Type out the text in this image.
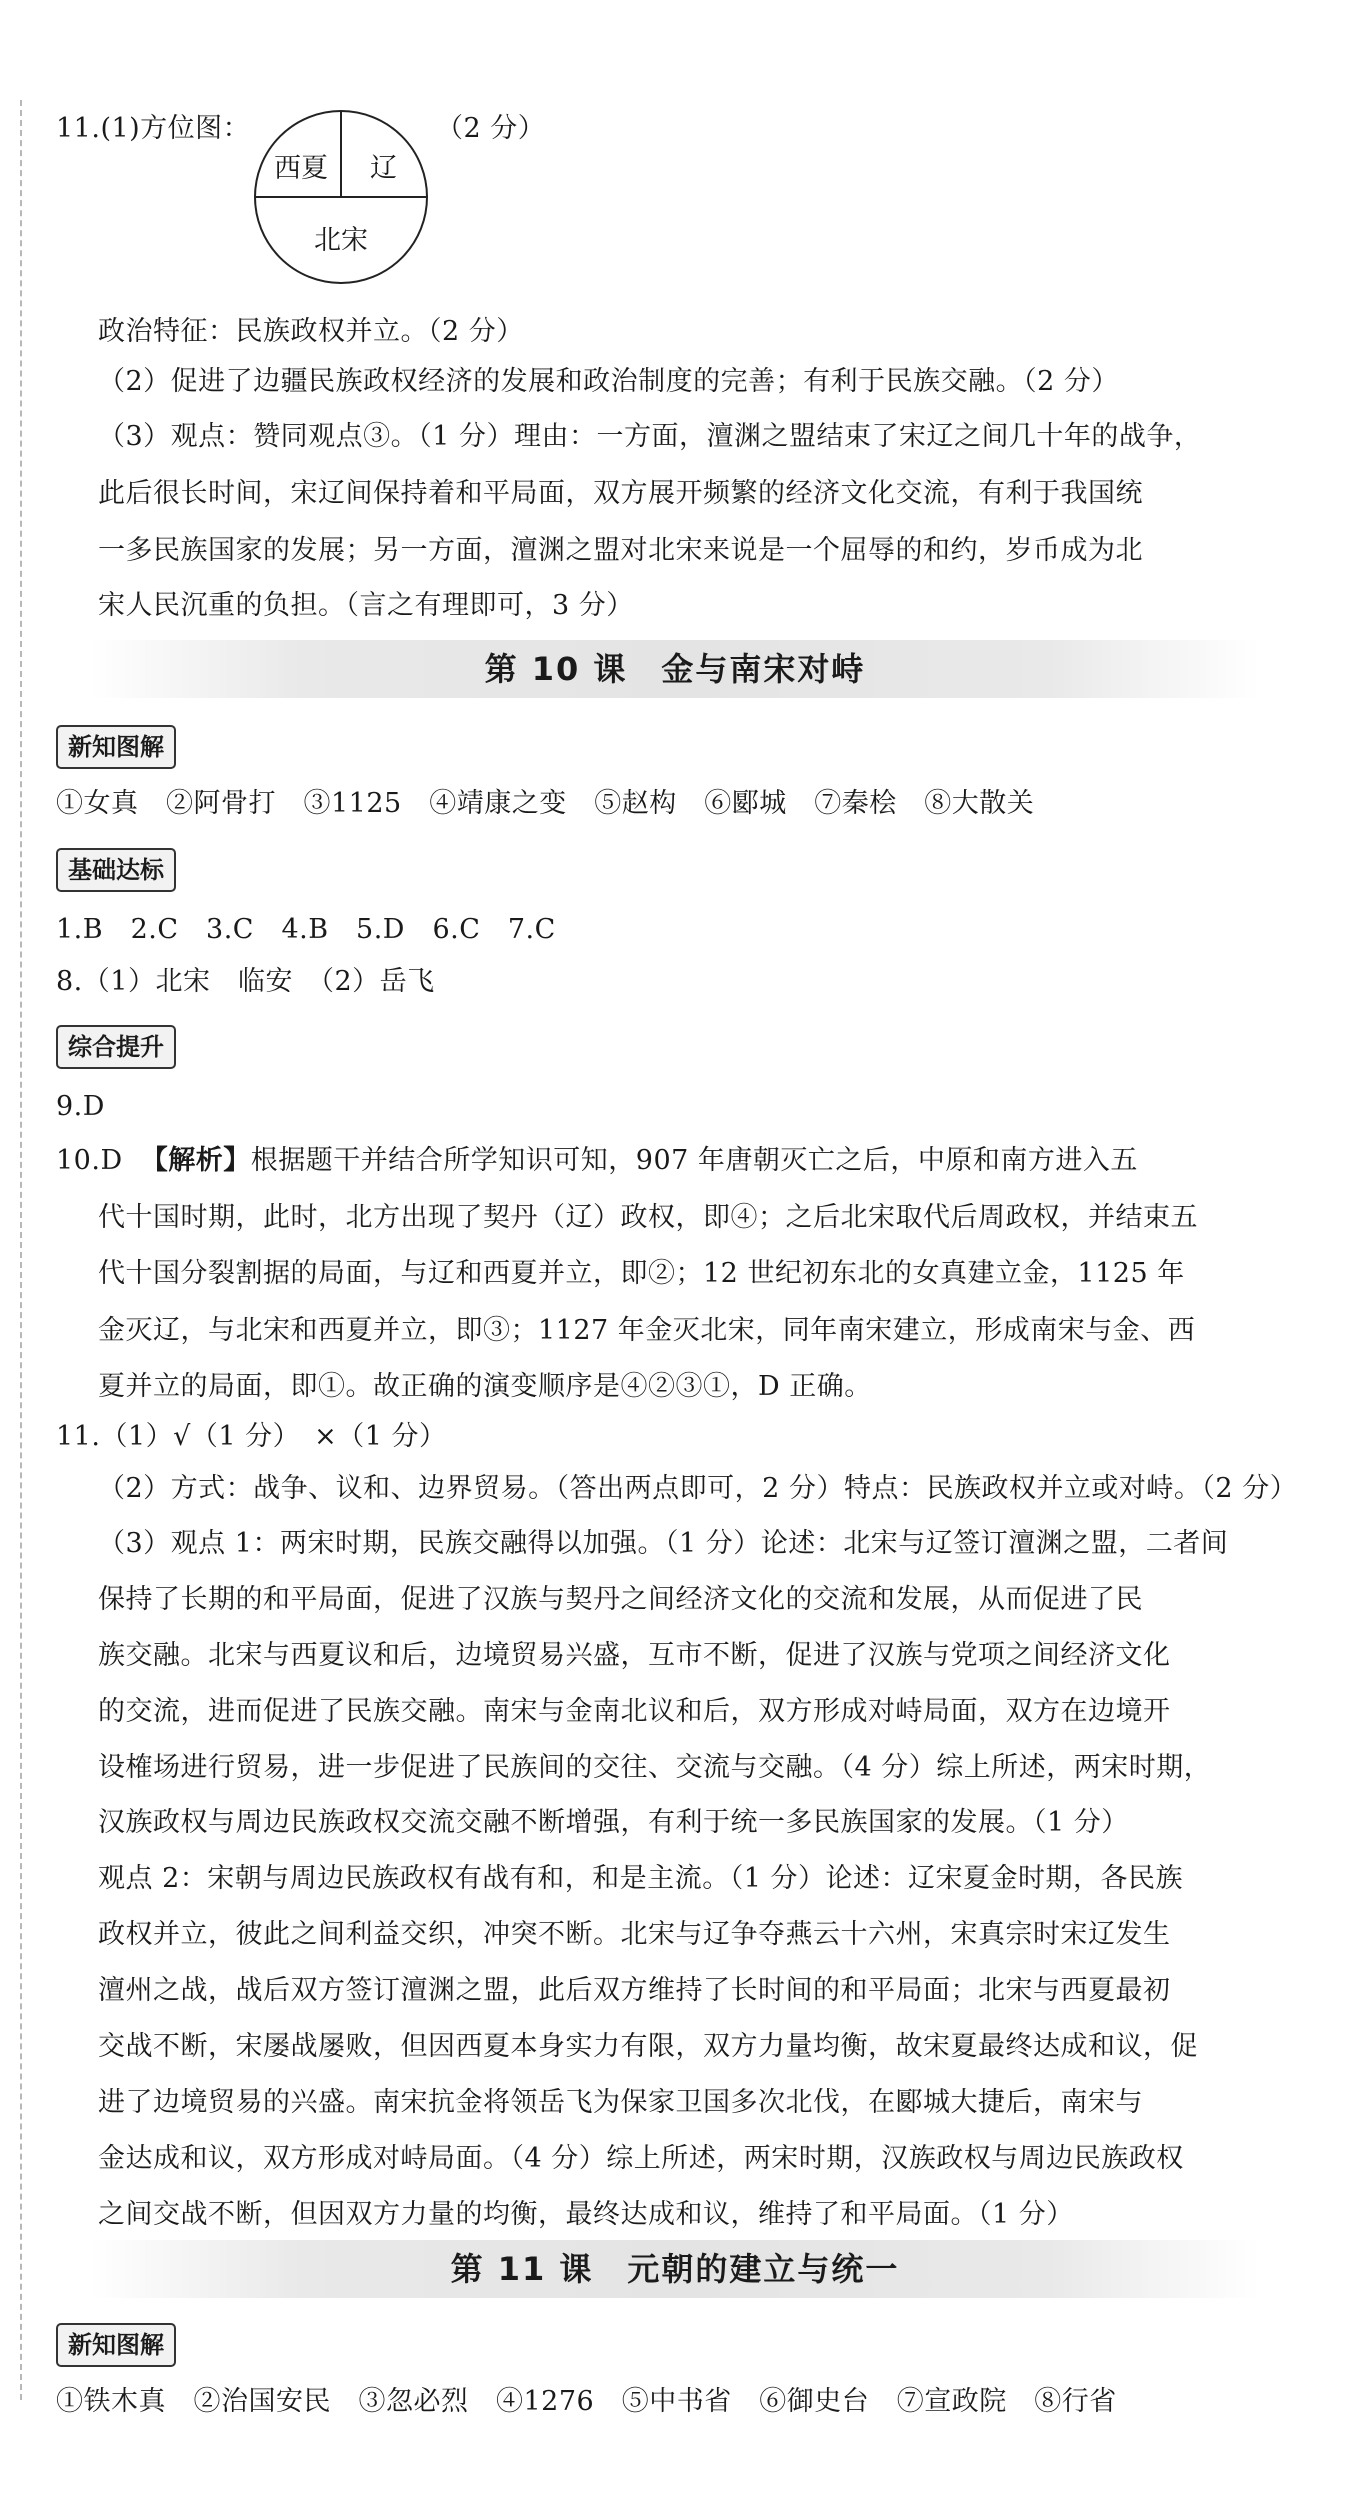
11.(1)方位图：	（2 分）
西夏 辽
北宋
政治特征：民族政权并立。（2 分）
（2）促进了边疆民族政权经济的发展和政治制度的完善；有利于民族交融。（2 分）
（3）观点：赞同观点③。（1 分）理由：一方面，澶渊之盟结束了宋辽之间几十年的战争，
此后很长时间，宋辽间保持着和平局面，双方展开频繁的经济文化交流，有利于我国统
一多民族国家的发展；另一方面，澶渊之盟对北宋来说是一个屈辱的和约，岁币成为北
宋人民沉重的负担。（言之有理即可，3 分）
第 10 课　金与南宋对峙
新知图解
①女真　②阿骨打　③1125　④靖康之变　⑤赵构　⑥郾城　⑦秦桧　⑧大散关
基础达标
1.B　2.C　3.C　4.B　5.D　6.C　7.C
8.（1）北宋　临安　（2）岳飞
综合提升
9.D
10.D 【解析】根据题干并结合所学知识可知，907 年唐朝灭亡之后，中原和南方进入五
代十国时期，此时，北方出现了契丹（辽）政权，即④；之后北宋取代后周政权，并结束五
代十国分裂割据的局面，与辽和西夏并立，即②；12 世纪初东北的女真建立金，1125 年
金灭辽，与北宋和西夏并立，即③；1127 年金灭北宋，同年南宋建立，形成南宋与金、西
夏并立的局面，即①。故正确的演变顺序是④②③①，D 正确。
11.（1）√（1 分）　×（1 分）
（2）方式：战争、议和、边界贸易。（答出两点即可，2 分）特点：民族政权并立或对峙。（2 分）
（3）观点 1：两宋时期，民族交融得以加强。（1 分）论述：北宋与辽签订澶渊之盟，二者间
保持了长期的和平局面，促进了汉族与契丹之间经济文化的交流和发展，从而促进了民
族交融。北宋与西夏议和后，边境贸易兴盛，互市不断，促进了汉族与党项之间经济文化
的交流，进而促进了民族交融。南宋与金南北议和后，双方形成对峙局面，双方在边境开
设榷场进行贸易，进一步促进了民族间的交往、交流与交融。（4 分）综上所述，两宋时期，
汉族政权与周边民族政权交流交融不断增强，有利于统一多民族国家的发展。（1 分）
观点 2：宋朝与周边民族政权有战有和，和是主流。（1 分）论述：辽宋夏金时期，各民族
政权并立，彼此之间利益交织，冲突不断。北宋与辽争夺燕云十六州，宋真宗时宋辽发生
澶州之战，战后双方签订澶渊之盟，此后双方维持了长时间的和平局面；北宋与西夏最初
交战不断，宋屡战屡败，但因西夏本身实力有限，双方力量均衡，故宋夏最终达成和议，促
进了边境贸易的兴盛。南宋抗金将领岳飞为保家卫国多次北伐，在郾城大捷后，南宋与
金达成和议，双方形成对峙局面。（4 分）综上所述，两宋时期，汉族政权与周边民族政权
之间交战不断，但因双方力量的均衡，最终达成和议，维持了和平局面。（1 分）
第 11 课　元朝的建立与统一
新知图解
①铁木真　②治国安民　③忽必烈　④1276　⑤中书省　⑥御史台　⑦宣政院　⑧行省
